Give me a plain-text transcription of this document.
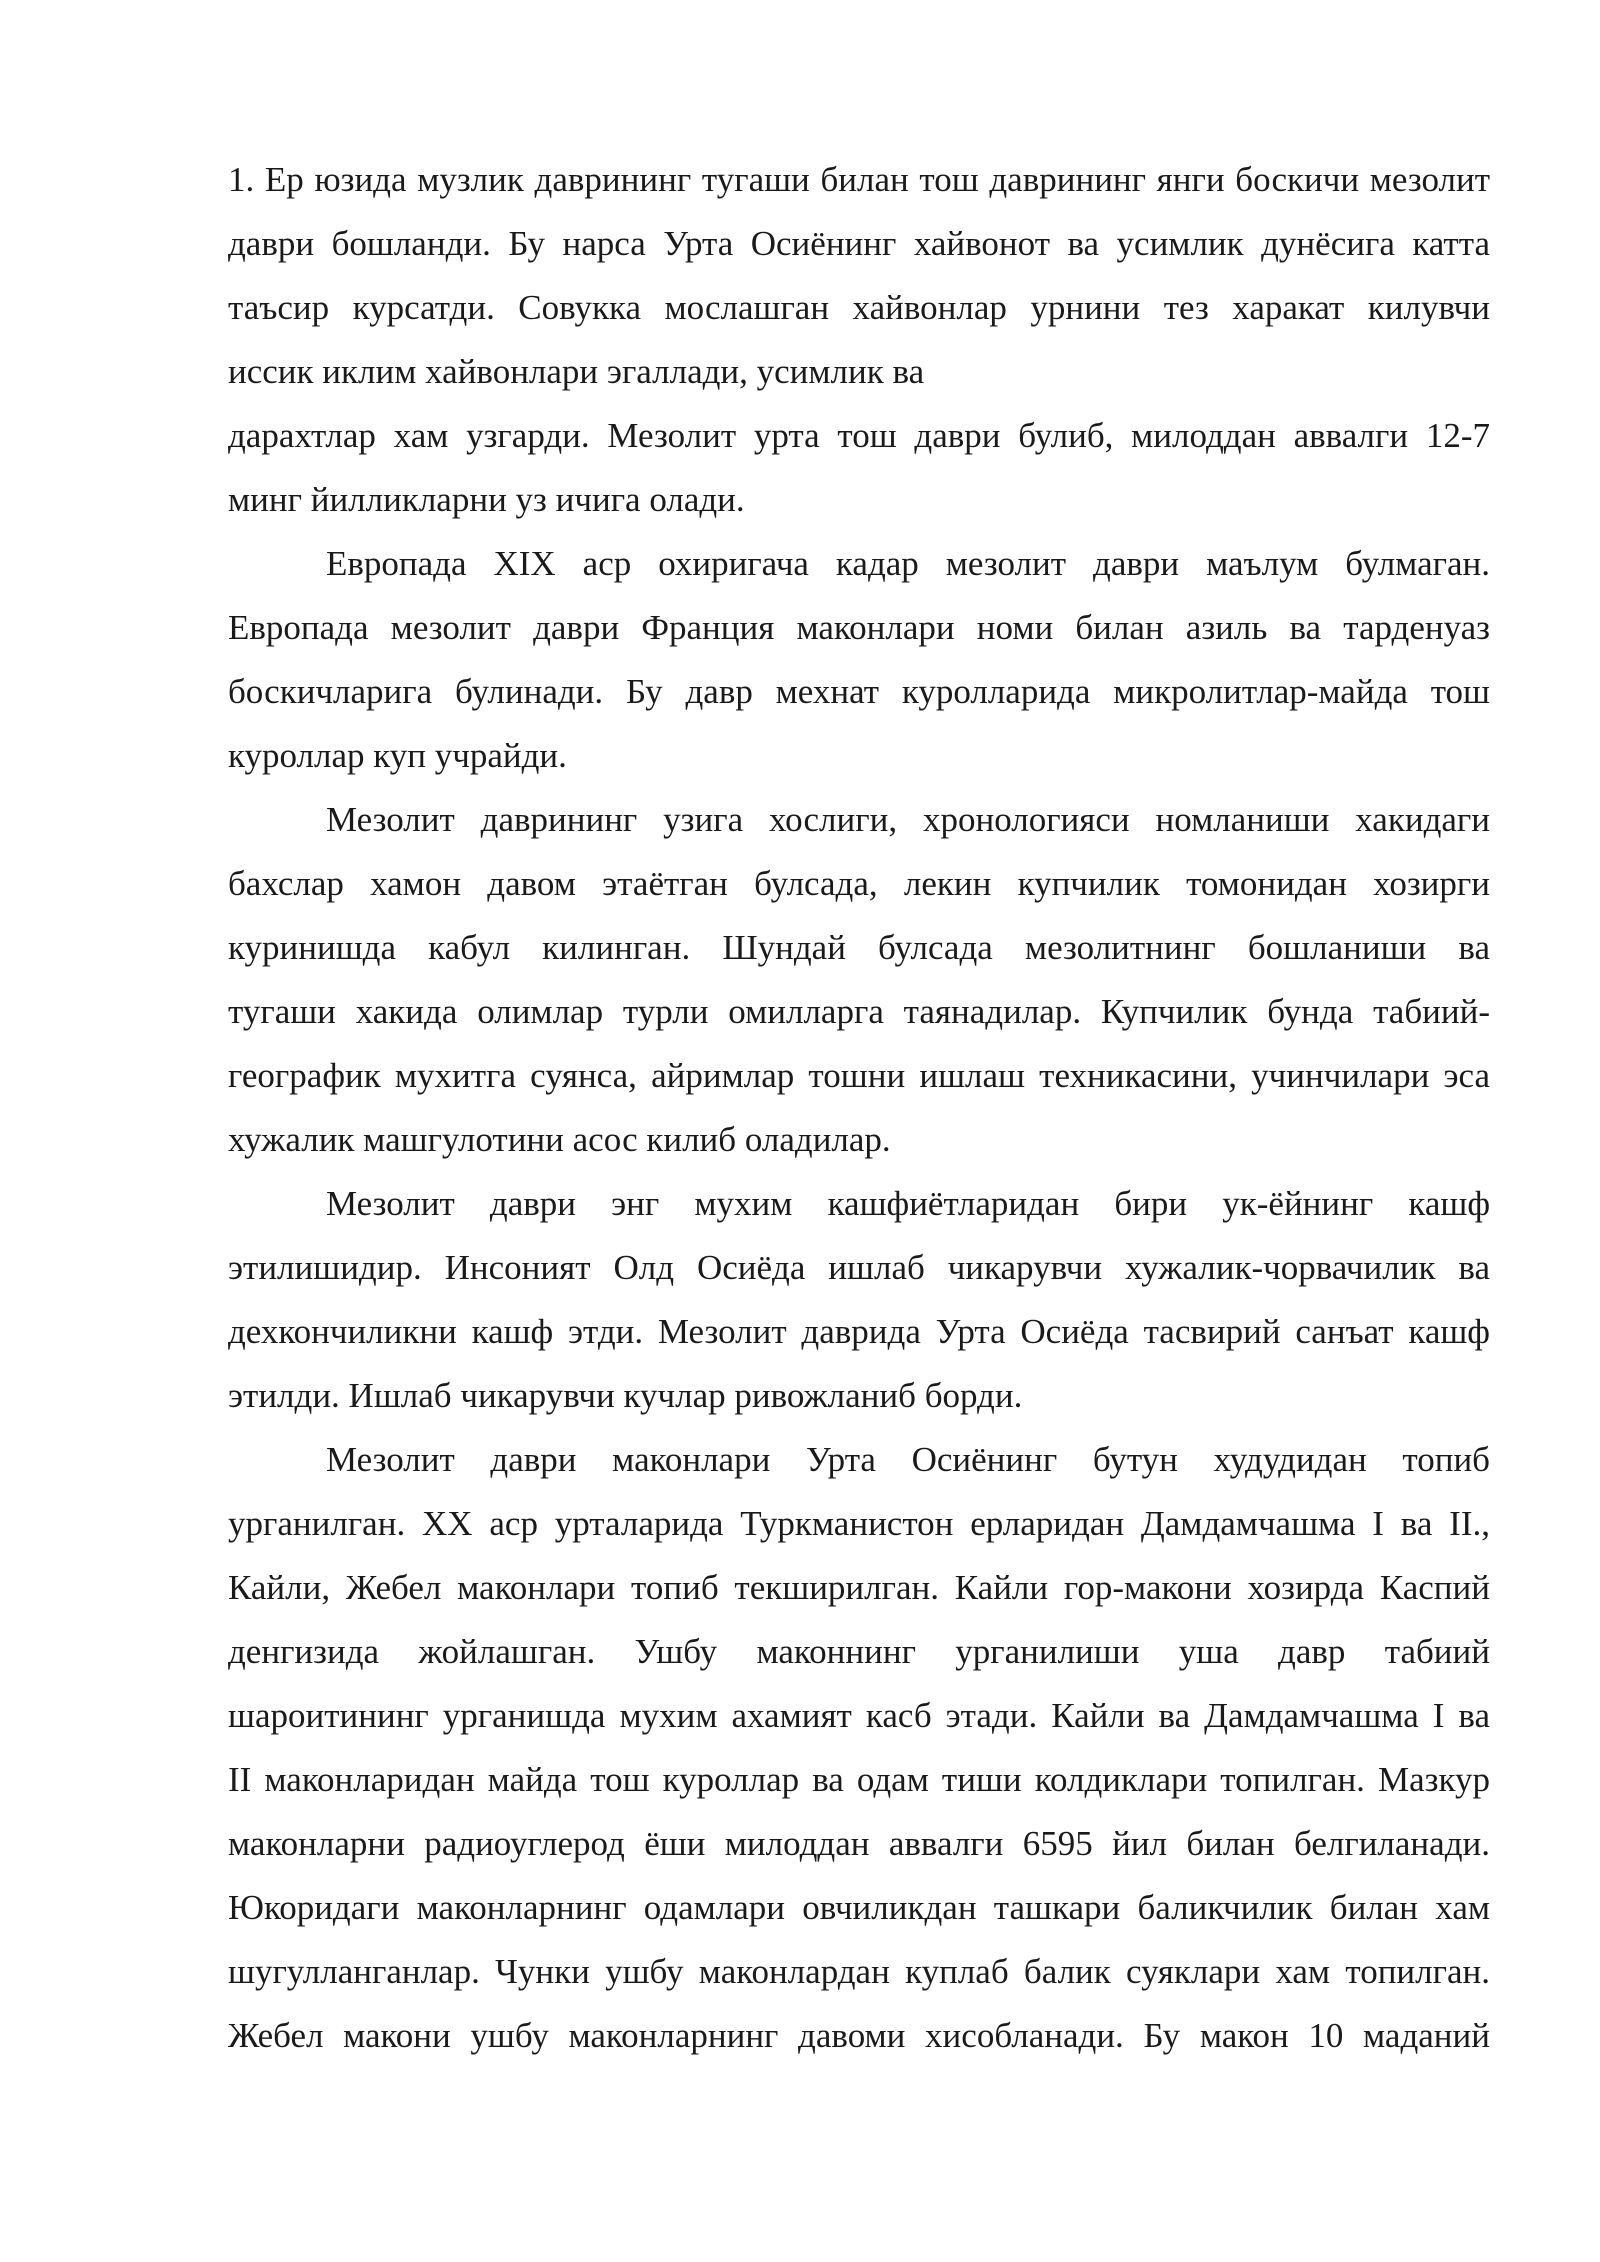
1. Ер юзида музлик даврининг тугаши билан тош даврининг янги боскичи мезолит
даври бошланди. Бу нарса Урта Осиёнинг хайвонот ва усимлик дунёсига катта
таъсир курсатди. Совукка мослашган хайвонлар урнини тез харакат килувчи
иссик иклим хайвонлари эгаллади, усимлик ва
дарахтлар хам узгарди. Мезолит урта тош даври булиб, милоддан аввалги 12-7
минг йилликларни уз ичига олади.
Европада XIX аср охиригача кадар мезолит даври маълум булмаган.
Европада мезолит даври Франция маконлари номи билан азиль ва тарденуаз
боскичларига булинади. Бу давр мехнат куролларида микролитлар-майда тош
куроллар куп учрайди.
Мезолит даврининг узига хослиги, хронологияси номланиши хакидаги
бахслар хамон давом этаётган булсада, лекин купчилик томонидан хозирги
куринишда кабул килинган. Шундай булсада мезолитнинг бошланиши ва
тугаши хакида олимлар турли омилларга таянадилар. Купчилик бунда табиий-
географик мухитга суянса, айримлар тошни ишлаш техникасини, учинчилари эса
хужалик машгулотини асос килиб оладилар.
Мезолит даври энг мухим кашфиётларидан бири ук-ёйнинг кашф
этилишидир. Инсоният Олд Осиёда ишлаб чикарувчи хужалик-чорвачилик ва
дехкончиликни кашф этди. Мезолит даврида Урта Осиёда тасвирий санъат кашф
этилди. Ишлаб чикарувчи кучлар ривожланиб борди.
Мезолит даври маконлари Урта Осиёнинг бутун худудидан топиб
урганилган. XX аср урталарида Туркманистон ерларидан Дамдамчашма I ва II.,
Кайли, Жебел маконлари топиб текширилган. Кайли гор-макони хозирда Каспий
денгизида жойлашган. Ушбу маконнинг урганилиши уша давр табиий
шароитининг урганишда мухим ахамият касб этади. Кайли ва Дамдамчашма I ва
II маконларидан майда тош куроллар ва одам тиши колдиклари топилган. Мазкур
маконларни радиоуглерод ёши милоддан аввалги 6595 йил билан белгиланади.
Юкоридаги маконларнинг одамлари овчиликдан ташкари баликчилик билан хам
шугулланганлар. Чунки ушбу маконлардан куплаб балик суяклари хам топилган.
Жебел макони ушбу маконларнинг давоми хисобланади. Бу макон 10 маданий
